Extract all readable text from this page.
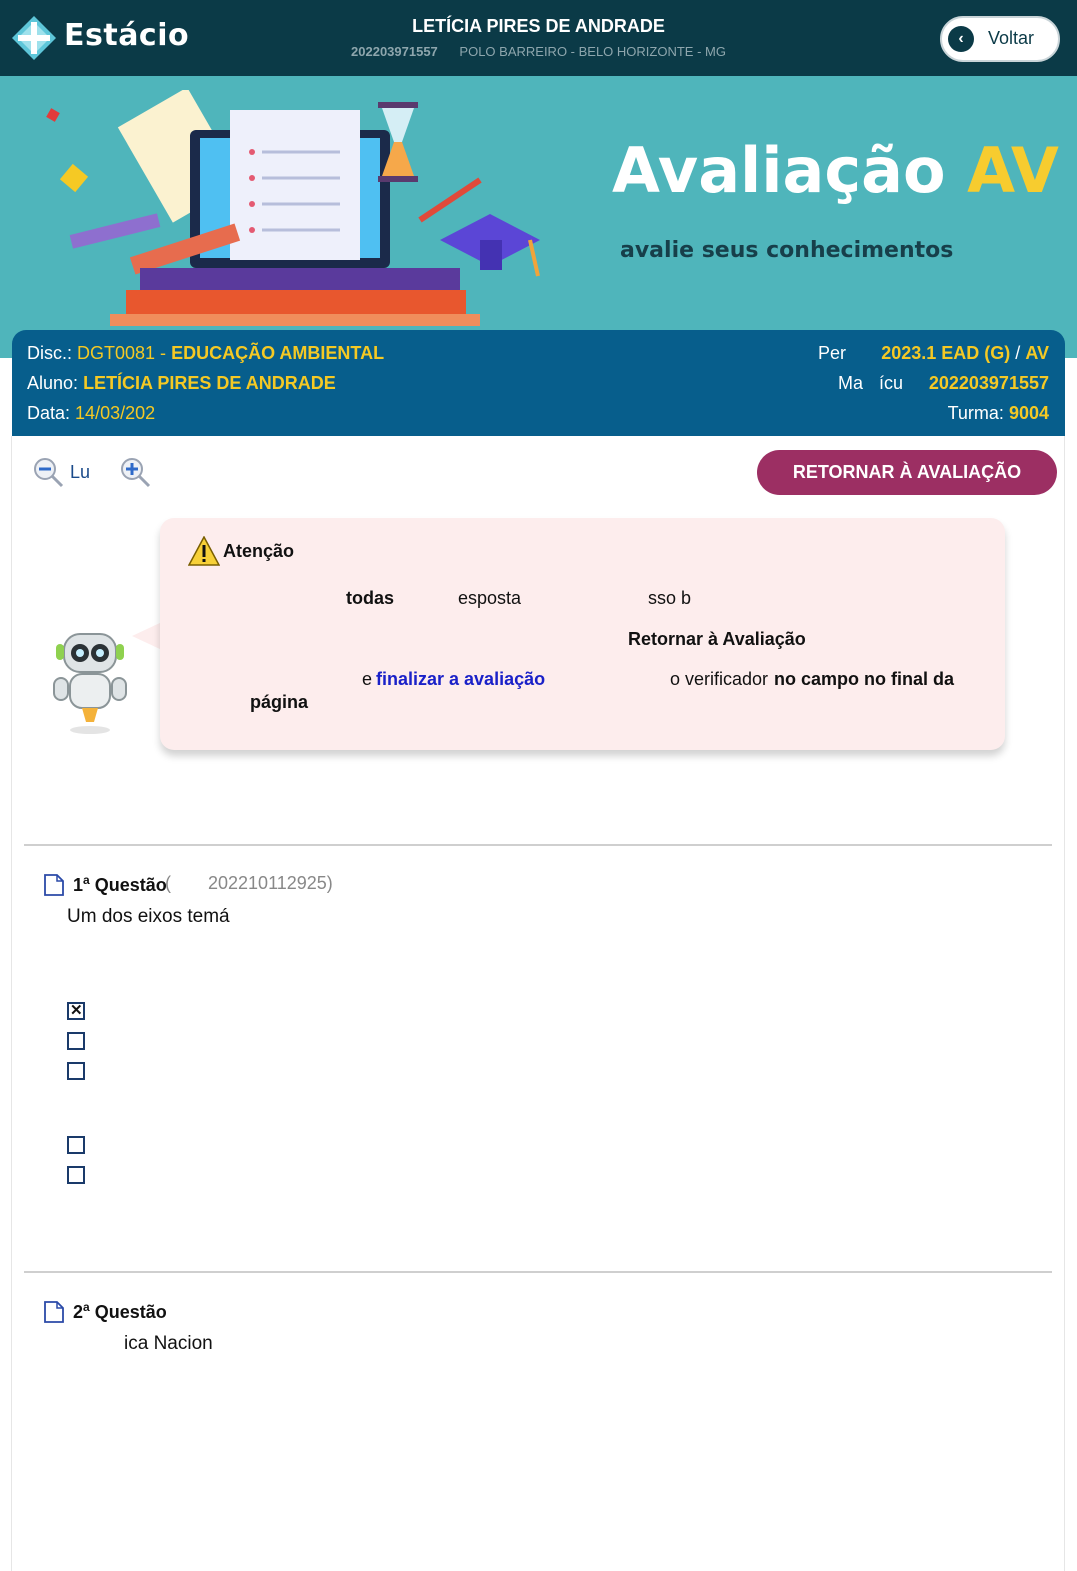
Estácio	LETÍCIA PIRES DE ANDRADE
202203971557 POLO BARREIRO - BELO HORIZONTE - MG
‹	Voltar
Avaliação AV
avalie seus conhecimentos
Disc.: DGT0081 - EDUCAÇÃO AMBIENTAL
Aluno: LETÍCIA PIRES DE ANDRADE
Data: 14/03/202
Per 2023.1 EAD (G) / AV
Ma ícu 202203971557
Turma: 9004
Lu	RETORNAR À AVALIAÇÃO
Atenção
todas	esposta	sso b
Retornar à Avaliação
e finalizar a avaliação	o verificador no campo no final da
página
1$^a$ Questão
( 202210112925)
Um dos eixos temá
✕
2$^a$ Questão
ica Nacion
